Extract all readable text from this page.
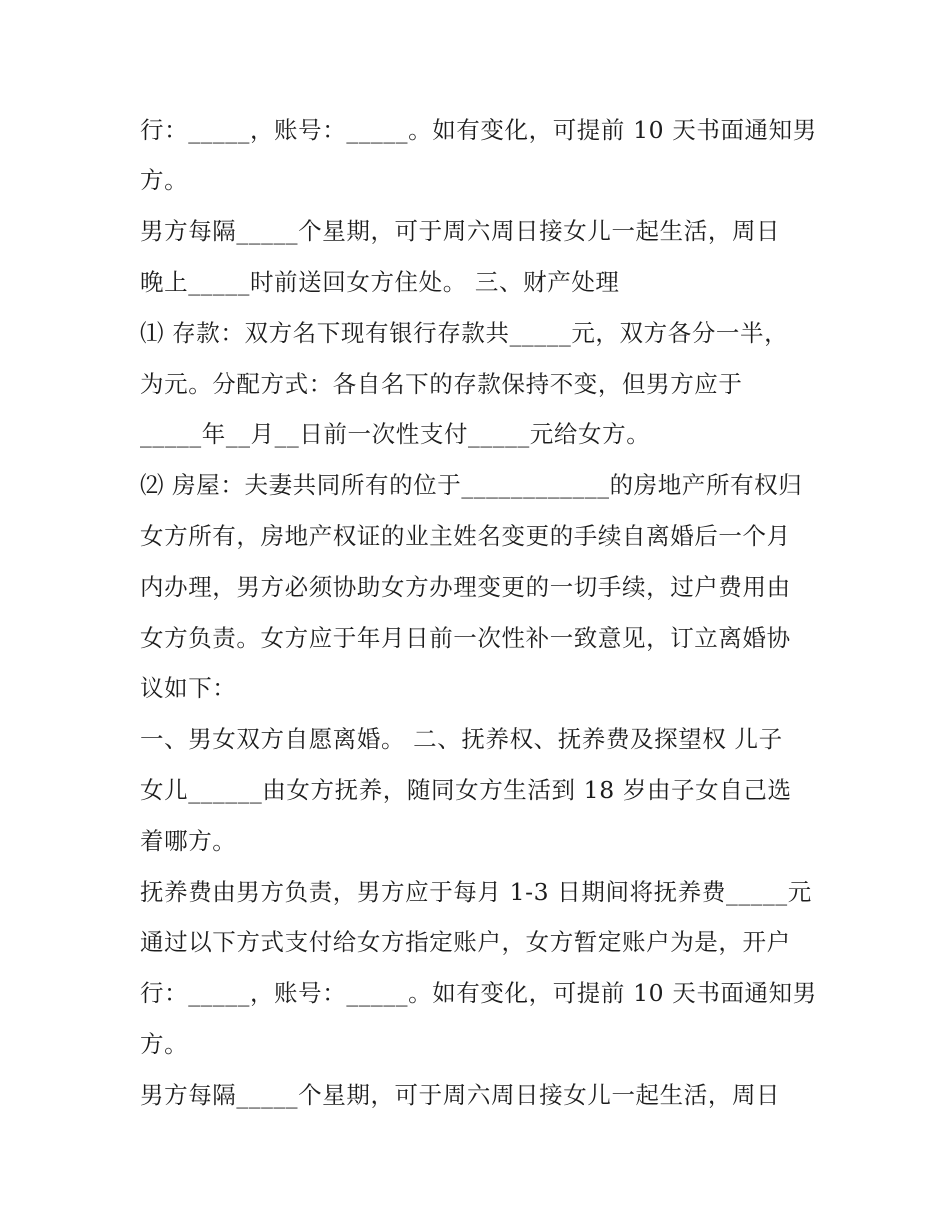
行：_____，账号：_____。如有变化，可提前 10 天书面通知男
方。
男方每隔_____个星期，可于周六周日接女儿一起生活，周日
晚上_____时前送回女方住处。 三、财产处理
⑴ 存款：双方名下现有银行存款共_____元，双方各分一半，
为元。分配方式：各自名下的存款保持不变，但男方应于
_____年__月__日前一次性支付_____元给女方。
⑵ 房屋：夫妻共同所有的位于____________的房地产所有权归
女方所有，房地产权证的业主姓名变更的手续自离婚后一个月
内办理，男方必须协助女方办理变更的一切手续，过户费用由
女方负责。女方应于年月日前一次性补一致意见，订立离婚协
议如下：
一、男女双方自愿离婚。 二、抚养权、抚养费及探望权 儿子
女儿______由女方抚养，随同女方生活到 18 岁由子女自己选
着哪方。
抚养费由男方负责，男方应于每月 1-3 日期间将抚养费_____元
通过以下方式支付给女方指定账户，女方暂定账户为是，开户
行：_____，账号：_____。如有变化，可提前 10 天书面通知男
方。
男方每隔_____个星期，可于周六周日接女儿一起生活，周日
